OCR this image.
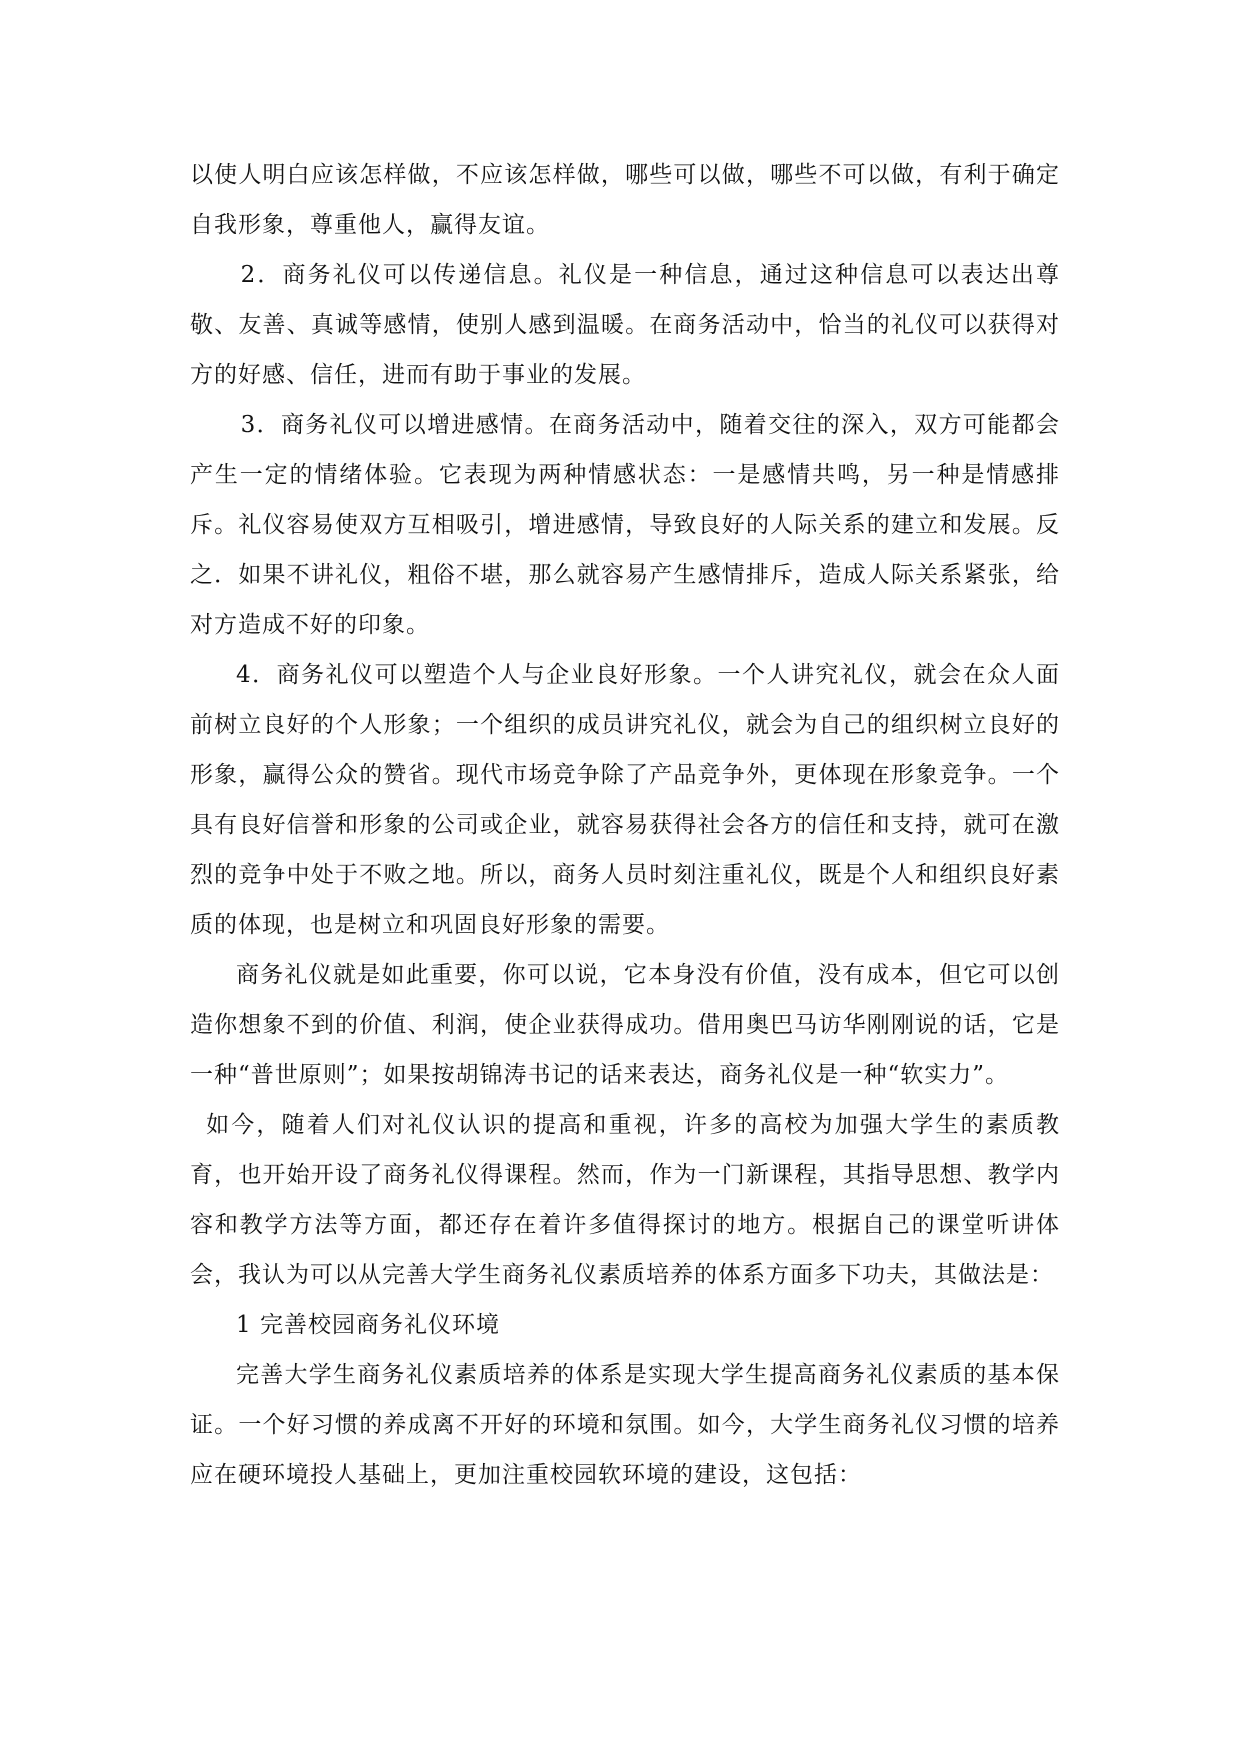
以使人明白应该怎样做，不应该怎样做，哪些可以做，哪些不可以做，有利于确定自我形象，尊重他人，赢得友谊。

2．商务礼仪可以传递信息。礼仪是一种信息，通过这种信息可以表达出尊敬、友善、真诚等感情，使别人感到温暖。在商务活动中，恰当的礼仪可以获得对方的好感、信任，进而有助于事业的发展。

3．商务礼仪可以增进感情。在商务活动中，随着交往的深入，双方可能都会产生一定的情绪体验。它表现为两种情感状态：一是感情共鸣，另一种是情感排斥。礼仪容易使双方互相吸引，增进感情，导致良好的人际关系的建立和发展。反之．如果不讲礼仪，粗俗不堪，那么就容易产生感情排斥，造成人际关系紧张，给对方造成不好的印象。

4．商务礼仪可以塑造个人与企业良好形象。一个人讲究礼仪，就会在众人面前树立良好的个人形象；一个组织的成员讲究礼仪，就会为自己的组织树立良好的形象，赢得公众的赞省。现代市场竞争除了产品竞争外，更体现在形象竞争。一个具有良好信誉和形象的公司或企业，就容易获得社会各方的信任和支持，就可在激烈的竞争中处于不败之地。所以，商务人员时刻注重礼仪，既是个人和组织良好素质的体现，也是树立和巩固良好形象的需要。

商务礼仪就是如此重要，你可以说，它本身没有价值，没有成本，但它可以创造你想象不到的价值、利润，使企业获得成功。借用奥巴马访华刚刚说的话，它是一种“普世原则”；如果按胡锦涛书记的话来表达，商务礼仪是一种“软实力”。

如今，随着人们对礼仪认识的提高和重视，许多的高校为加强大学生的素质教育，也开始开设了商务礼仪得课程。然而，作为一门新课程，其指导思想、教学内容和教学方法等方面，都还存在着许多值得探讨的地方。根据自己的课堂听讲体会，我认为可以从完善大学生商务礼仪素质培养的体系方面多下功夫，其做法是：

1 完善校园商务礼仪环境

完善大学生商务礼仪素质培养的体系是实现大学生提高商务礼仪素质的基本保证。一个好习惯的养成离不开好的环境和氛围。如今，大学生商务礼仪习惯的培养应在硬环境投人基础上，更加注重校园软环境的建设，这包括：
